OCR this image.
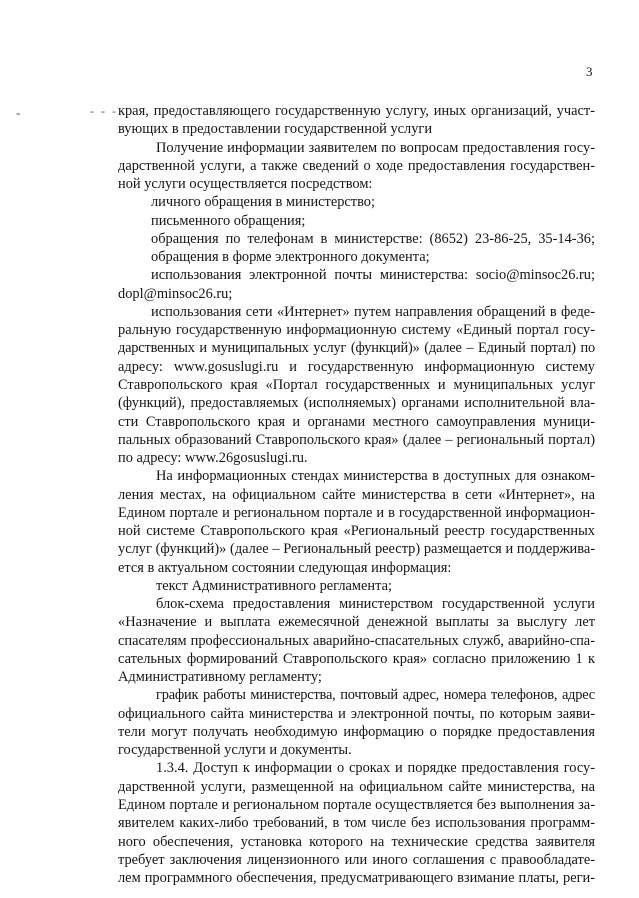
3
-	- - - края, предоставляющего государственную услугу, иных организаций, участ-
вующих в предоставлении государственной услуги
Получение информации заявителем по вопросам предоставления госу-
дарственной услуги, а также сведений о ходе предоставления государствен-
ной услуги осуществляется посредством:
личного обращения в министерство;
письменного обращения;
обращения по телефонам в министерстве: (8652) 23-86-25, 35-14-36;
обращения в форме электронного документа;
использования электронной почты министерства: socio@minsoc26.ru;
dopl@minsoc26.ru;
использования сети «Интернет» путем направления обращений в феде-
ральную государственную информационную систему «Единый портал госу-
дарственных и муниципальных услуг (функций)» (далее – Единый портал) по
адресу: www.gosuslugi.ru и государственную информационную систему
Ставропольского края «Портал государственных и муниципальных услуг
(функций), предоставляемых (исполняемых) органами исполнительной вла-
сти Ставропольского края и органами местного самоуправления муници-
пальных образований Ставропольского края» (далее – региональный портал)
по адресу: www.26gosuslugi.ru.
На информационных стендах министерства в доступных для ознаком-
ления местах, на официальном сайте министерства в сети «Интернет», на
Едином портале и региональном портале и в государственной информацион-
ной системе Ставропольского края «Региональный реестр государственных
услуг (функций)» (далее – Региональный реестр) размещается и поддержива-
ется в актуальном состоянии следующая информация:
текст Административного регламента;
блок-схема предоставления министерством государственной услуги
«Назначение и выплата ежемесячной денежной выплаты за выслугу лет
спасателям профессиональных аварийно-спасательных служб, аварийно-спа-
сательных формирований Ставропольского края» согласно приложению 1 к
Административному регламенту;
график работы министерства, почтовый адрес, номера телефонов, адрес
официального сайта министерства и электронной почты, по которым заяви-
тели могут получать необходимую информацию о порядке предоставления
государственной услуги и документы.
1.3.4. Доступ к информации о сроках и порядке предоставления госу-
дарственной услуги, размещенной на официальном сайте министерства, на
Едином портале и региональном портале осуществляется без выполнения за-
явителем каких-либо требований, в том числе без использования программ-
ного обеспечения, установка которого на технические средства заявителя
требует заключения лицензионного или иного соглашения с правообладате-
лем программного обеспечения, предусматривающего взимание платы, реги-
